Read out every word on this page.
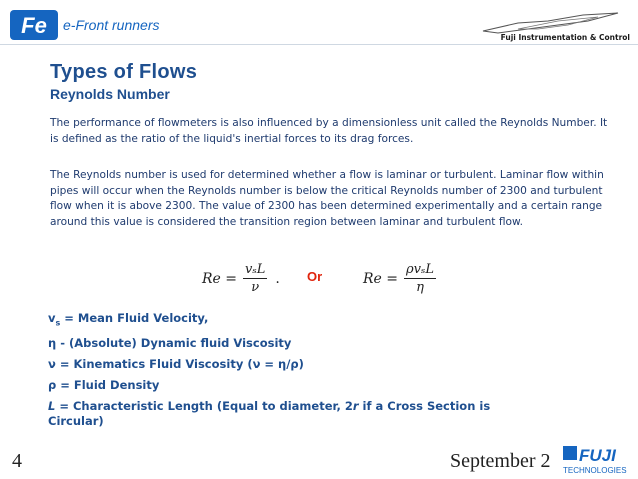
Fe e-Front runners
Fuji Instrumentation & Control
Types of Flows
Reynolds Number
The performance of flowmeters is also influenced by a dimensionless unit called the Reynolds Number. It is defined as the ratio of the liquid's inertial forces to its drag forces.
The Reynolds number is used for determined whether a flow is laminar or turbulent. Laminar flow within pipes will occur when the Reynolds number is below the critical Reynolds number of 2300 and turbulent flow when it is above 2300. The value of 2300 has been determined experimentally and a certain range around this value is considered the transition region between laminar and turbulent flow.
$Re = \frac{\text{vₛL}}{\nu}$ . Or	$Re = \frac{\text{ρvₛL}}{\eta}$
$v_s$ = Mean Fluid Velocity,
η - (Absolute) Dynamic fluid Viscosity
ν = Kinematics Fluid Viscosity (ν = η/ρ)
ρ = Fluid Density
L = Characteristic Length (Equal to diameter, 2r if a Cross Section is
Circular)
4	September 2 FUJI
TECHNOLOGIES
